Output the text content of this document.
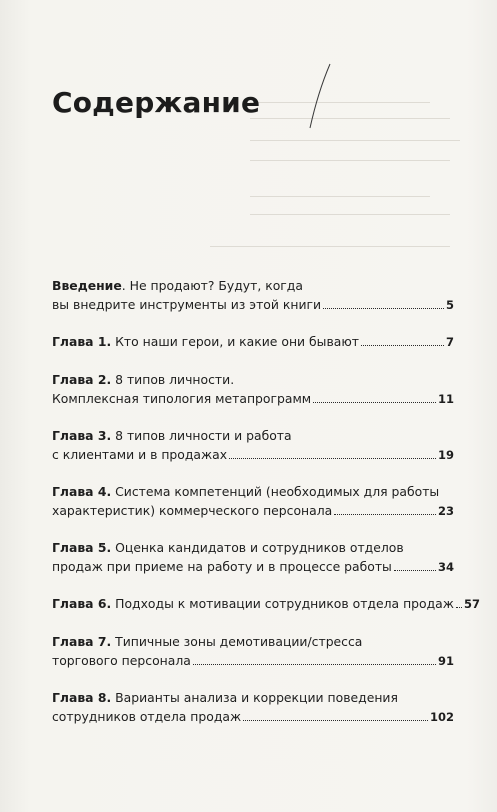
Содержание
Введение . Не продают? Будут, когда
вы внедрите инструменты из этой книги	5
Глава 1. Кто наши герои, и какие они бывают	7
Глава 2. 8 типов личности.
Комплексная типология метапрограмм	11
Глава 3. 8 типов личности и работа
с клиентами и в продажах	19
Глава 4. Система компетенций (необходимых для работы
характеристик) коммерческого персонала	23
Глава 5. Оценка кандидатов и сотрудников отделов
продаж при приеме на работу и в процессе работы	34
Глава 6. Подходы к мотивации сотрудников отдела продаж 57
Глава 7. Типичные зоны демотивации/стресса
торгового персонала	91
Глава 8. Варианты анализа и коррекции поведения
сотрудников отдела продаж	102
